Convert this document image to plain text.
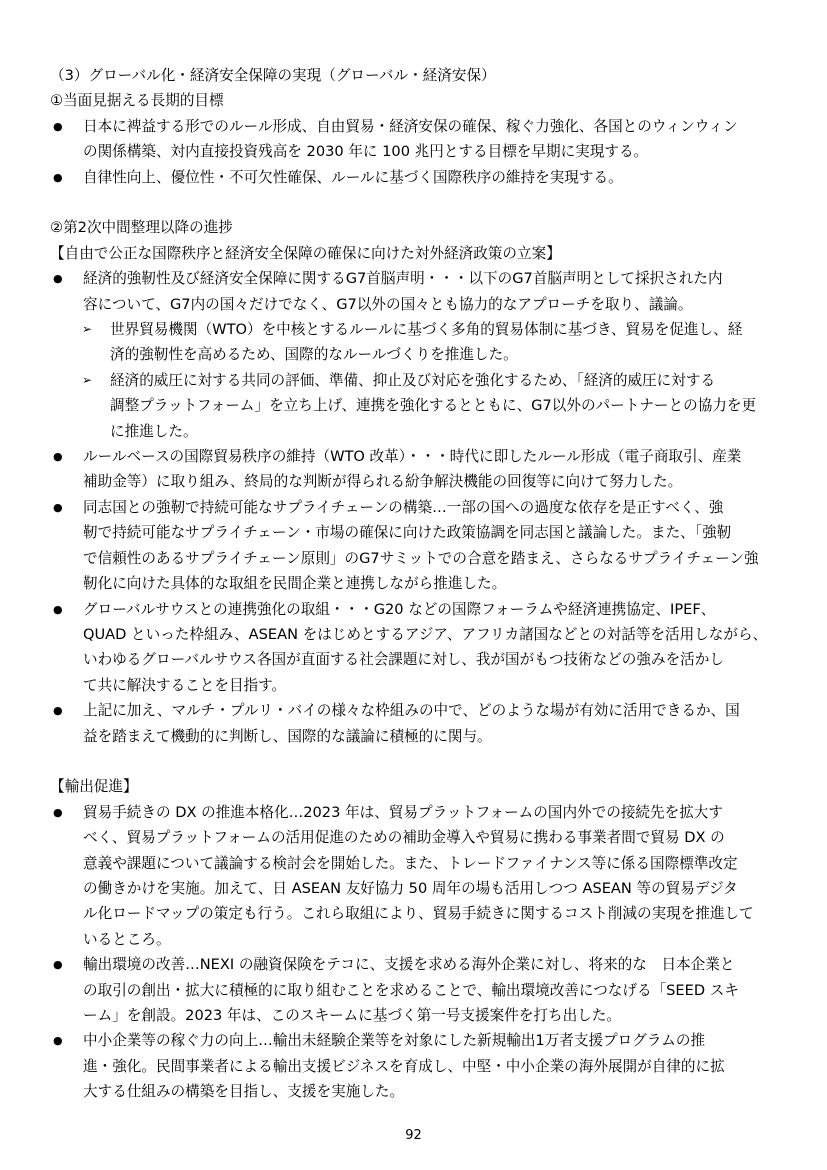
（3）グローバル化・経済安全保障の実現（グローバル・経済安保）

①当面見据える長期的目標

● 日本に裨益する形でのルール形成、自由貿易・経済安保の確保、稼ぐ力強化、各国とのウィンウィン
の関係構築、対内直接投資残高を 2030 年に 100 兆円とする目標を早期に実現する。
● 自律性向上、優位性・不可欠性確保、ルールに基づく国際秩序の維持を実現する。

②第2次中間整理以降の進捗

【自由で公正な国際秩序と経済安全保障の確保に向けた対外経済政策の立案】

● 経済的強靭性及び経済安全保障に関するG7首脳声明・・・以下のG7首脳声明として採択された内
容について、G7内の国々だけでなく、G7以外の国々とも協力的なアプローチを取り、議論。
➢ 世界貿易機関（WTO）を中核とするルールに基づく多角的貿易体制に基づき、貿易を促進し、経
済的強靭性を高めるため、国際的なルールづくりを推進した。
➢ 経済的威圧に対する共同の評価、準備、抑止及び対応を強化するため、「経済的威圧に対する
調整プラットフォーム」を立ち上げ、連携を強化するとともに、G7以外のパートナーとの協力を更
に推進した。
● ルールベースの国際貿易秩序の維持（WTO 改革）・・・時代に即したルール形成（電子商取引、産業
補助金等）に取り組み、終局的な判断が得られる紛争解決機能の回復等に向けて努力した。
● 同志国との強靭で持続可能なサプライチェーンの構築…一部の国への過度な依存を是正すべく、強
靭で持続可能なサプライチェーン・市場の確保に向けた政策協調を同志国と議論した。また、「強靭
で信頼性のあるサプライチェーン原則」のG7サミットでの合意を踏まえ、さらなるサプライチェーン強
靭化に向けた具体的な取組を民間企業と連携しながら推進した。
● グローバルサウスとの連携強化の取組・・・G20 などの国際フォーラムや経済連携協定、IPEF、
QUAD といった枠組み、ASEAN をはじめとするアジア、アフリカ諸国などとの対話等を活用しながら、
いわゆるグローバルサウス各国が直面する社会課題に対し、我が国がもつ技術などの強みを活かし
て共に解決することを目指す。
● 上記に加え、マルチ・プルリ・バイの様々な枠組みの中で、どのような場が有効に活用できるか、国
益を踏まえて機動的に判断し、国際的な議論に積極的に関与。

【輸出促進】

● 貿易手続きの DX の推進本格化…2023 年は、貿易プラットフォームの国内外での接続先を拡大す
べく、貿易プラットフォームの活用促進のための補助金導入や貿易に携わる事業者間で貿易 DX の
意義や課題について議論する検討会を開始した。また、トレードファイナンス等に係る国際標準改定
の働きかけを実施。加えて、日 ASEAN 友好協力 50 周年の場も活用しつつ ASEAN 等の貿易デジタ
ル化ロードマップの策定も行う。これら取組により、貿易手続きに関するコスト削減の実現を推進して
いるところ。
● 輸出環境の改善…NEXI の融資保険をテコに、支援を求める海外企業に対し、将来的な　日本企業と
の取引の創出・拡大に積極的に取り組むことを求めることで、輸出環境改善につなげる「SEED スキ
ーム」を創設。2023 年は、このスキームに基づく第一号支援案件を打ち出した。
● 中小企業等の稼ぐ力の向上…輸出未経験企業等を対象にした新規輸出1万者支援プログラムの推
進・強化。民間事業者による輸出支援ビジネスを育成し、中堅・中小企業の海外展開が自律的に拡
大する仕組みの構築を目指し、支援を実施した。
92
